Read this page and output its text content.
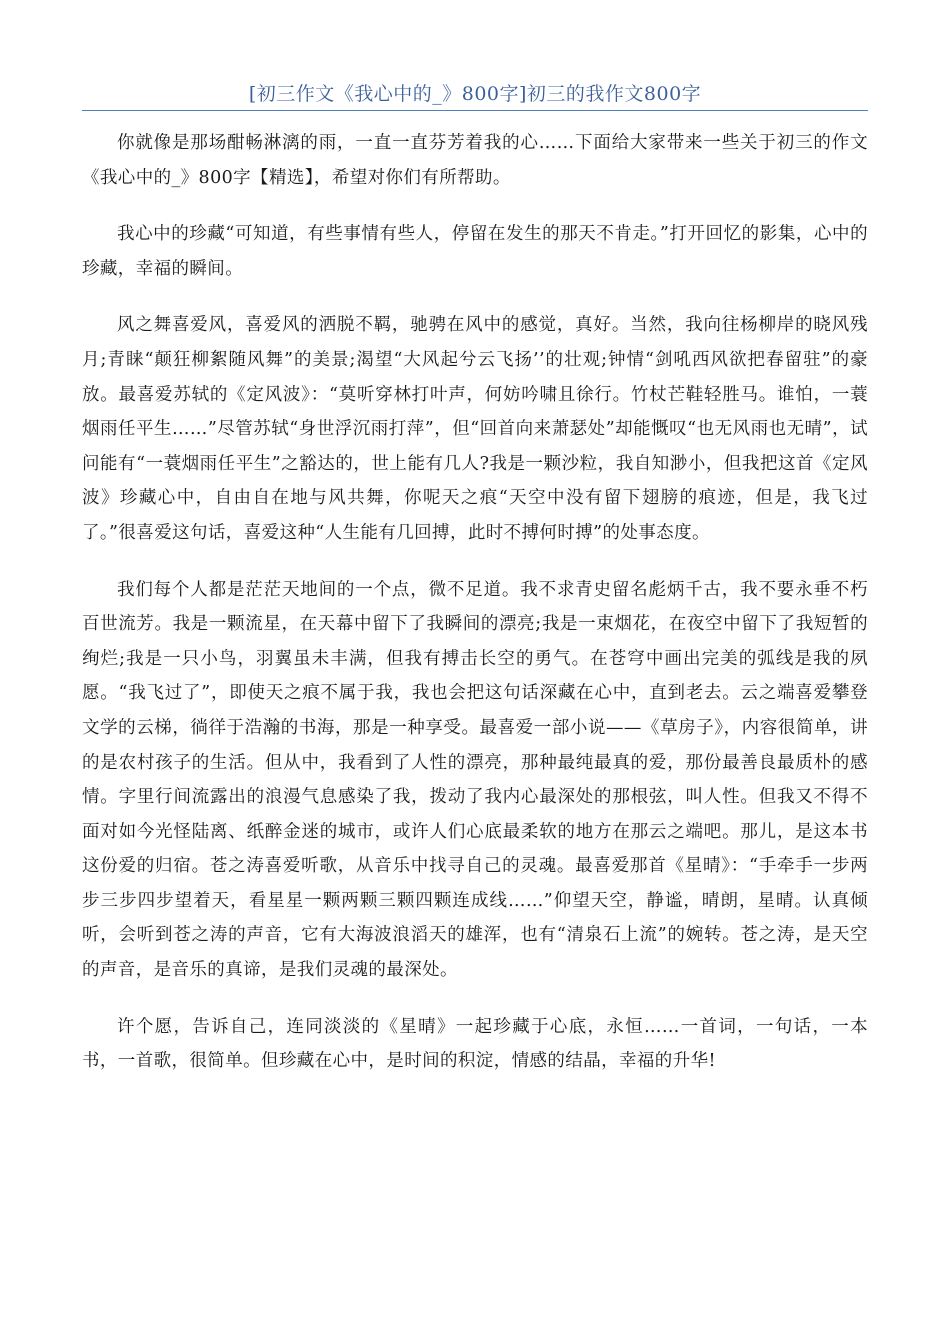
[初三作文《我心中的_》800字]初三的我作文800字

你就像是那场酣畅淋漓的雨，一直一直芬芳着我的心……下面给大家带来一些关于初三的作文《我心中的_》800字【精选】，希望对你们有所帮助。

我心中的珍藏“可知道，有些事情有些人，停留在发生的那天不肯走。”打开回忆的影集，心中的珍藏，幸福的瞬间。

风之舞喜爱风，喜爱风的洒脱不羁，驰骋在风中的感觉，真好。当然，我向往杨柳岸的晓风残月;青睐“颠狂柳絮随风舞”的美景;渴望“大风起兮云飞扬’’的壮观;钟情“剑吼西风欲把春留驻”的豪放。最喜爱苏轼的《定风波》：“莫听穿林打叶声，何妨吟啸且徐行。竹杖芒鞋轻胜马。谁怕，一蓑烟雨任平生……”尽管苏轼“身世浮沉雨打萍”，但“回首向来萧瑟处”却能慨叹“也无风雨也无晴”，试问能有“一蓑烟雨任平生”之豁达的，世上能有几人?我是一颗沙粒，我自知渺小，但我把这首《定风波》珍藏心中，自由自在地与风共舞，你呢天之痕“天空中没有留下翅膀的痕迹，但是，我飞过了。”很喜爱这句话，喜爱这种“人生能有几回搏，此时不搏何时搏”的处事态度。

我们每个人都是茫茫天地间的一个点，微不足道。我不求青史留名彪炳千古，我不要永垂不朽百世流芳。我是一颗流星，在天幕中留下了我瞬间的漂亮;我是一束烟花，在夜空中留下了我短暂的绚烂;我是一只小鸟，羽翼虽未丰满，但我有搏击长空的勇气。在苍穹中画出完美的弧线是我的夙愿。“我飞过了”，即使天之痕不属于我，我也会把这句话深藏在心中，直到老去。云之端喜爱攀登文学的云梯，徜徉于浩瀚的书海，那是一种享受。最喜爱一部小说——《草房子》，内容很简单，讲的是农村孩子的生活。但从中，我看到了人性的漂亮，那种最纯最真的爱，那份最善良最质朴的感情。字里行间流露出的浪漫气息感染了我，拨动了我内心最深处的那根弦，叫人性。但我又不得不面对如今光怪陆离、纸醉金迷的城市，或许人们心底最柔软的地方在那云之端吧。那儿，是这本书这份爱的归宿。苍之涛喜爱听歌，从音乐中找寻自己的灵魂。最喜爱那首《星晴》：“手牵手一步两步三步四步望着天，看星星一颗两颗三颗四颗连成线……”仰望天空，静谧，晴朗，星晴。认真倾听，会听到苍之涛的声音，它有大海波浪滔天的雄浑，也有“清泉石上流”的婉转。苍之涛，是天空的声音，是音乐的真谛，是我们灵魂的最深处。

许个愿，告诉自己，连同淡淡的《星晴》一起珍藏于心底，永恒……一首词，一句话，一本书，一首歌，很简单。但珍藏在心中，是时间的积淀，情感的结晶，幸福的升华!
